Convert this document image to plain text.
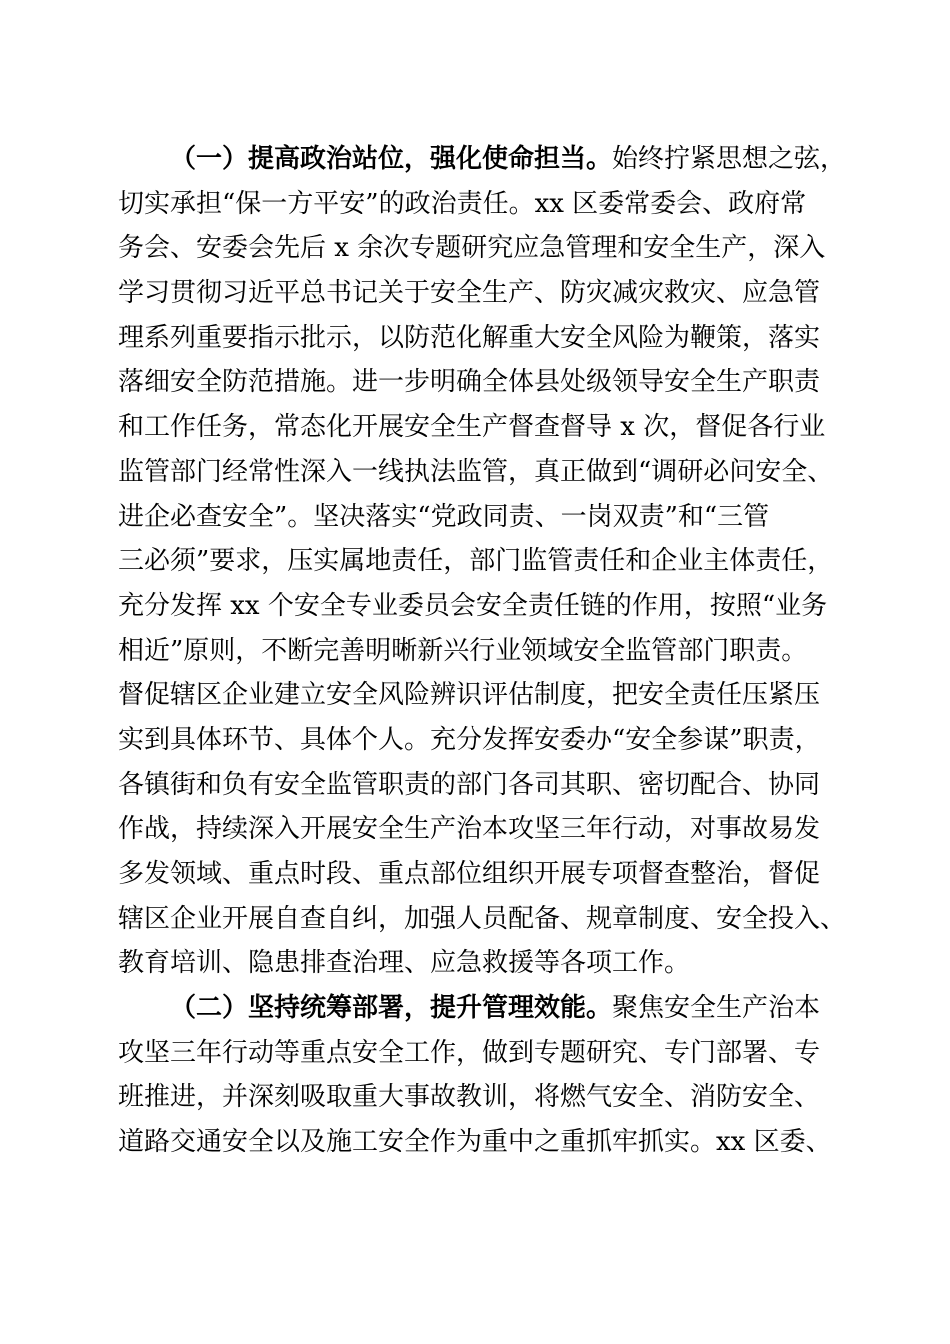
（一）提高政治站位，强化使命担当。始终拧紧思想之弦，
切实承担“保一方平安”的政治责任。xx 区委常委会、政府常
务会、安委会先后 x 余次专题研究应急管理和安全生产，深入
学习贯彻习近平总书记关于安全生产、防灾减灾救灾、应急管
理系列重要指示批示，以防范化解重大安全风险为鞭策，落实
落细安全防范措施。进一步明确全体县处级领导安全生产职责
和工作任务，常态化开展安全生产督查督导 x 次，督促各行业
监管部门经常性深入一线执法监管，真正做到“调研必问安全、
进企必查安全”。坚决落实“党政同责、一岗双责”和“三管
三必须”要求，压实属地责任，部门监管责任和企业主体责任，
充分发挥 xx 个安全专业委员会安全责任链的作用，按照“业务
相近”原则，不断完善明晰新兴行业领域安全监管部门职责。
督促辖区企业建立安全风险辨识评估制度，把安全责任压紧压
实到具体环节、具体个人。充分发挥安委办“安全参谋”职责，
各镇街和负有安全监管职责的部门各司其职、密切配合、协同
作战，持续深入开展安全生产治本攻坚三年行动，对事故易发
多发领域、重点时段、重点部位组织开展专项督查整治，督促
辖区企业开展自查自纠，加强人员配备、规章制度、安全投入、
教育培训、隐患排查治理、应急救援等各项工作。
（二）坚持统筹部署，提升管理效能。聚焦安全生产治本
攻坚三年行动等重点安全工作，做到专题研究、专门部署、专
班推进，并深刻吸取重大事故教训，将燃气安全、消防安全、
道路交通安全以及施工安全作为重中之重抓牢抓实。xx 区委、
